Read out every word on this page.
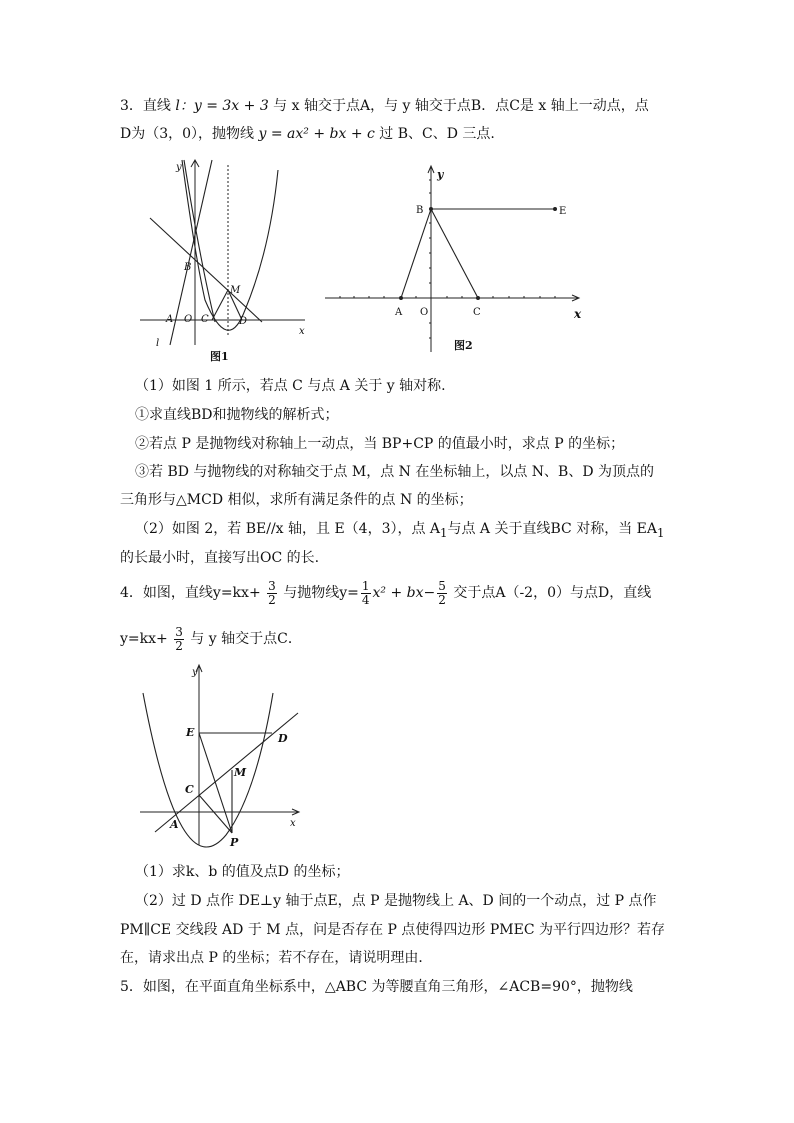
3．直线 l：y = 3x + 3 与 x 轴交于点A，与 y 轴交于点B．点C是 x 轴上一动点，点
D为（3，0），抛物线 y = ax² + bx + c 过 B、C、D 三点.
y
x
B
M
A O C	D
l
图1
y
x
B	E
A O	C
图2
（1）如图 1 所示，若点 C 与点 A 关于 y 轴对称.
①求直线BD和抛物线的解析式；
②若点 P 是抛物线对称轴上一动点，当 BP+CP 的值最小时，求点 P 的坐标；
③若 BD 与抛物线的对称轴交于点 M，点 N 在坐标轴上，以点 N、B、D 为顶点的
三角形与△MCD 相似，求所有满足条件的点 N 的坐标；
（2）如图 2，若 BE//x 轴，且 E（4，3），点 $A_1$与点 A 关于直线BC 对称，当 $EA_1$
的长最小时，直接写出OC 的长.
4．如图，直线$y=kx+ \frac{3}{2}$ 与抛物线$y= \frac{1}{4} x^2 + bx- \frac{5}{2}$ 交于点A（-2，0）与点D，直线
$y=kx+ \frac{3}{2}$ 与 y 轴交于点C．
y
x
E	D
M
C
A
P
（1）求k、b 的值及点D 的坐标；
（2）过 D 点作 DE⊥y 轴于点E，点 P 是抛物线上 A、D 间的一个动点，过 P 点作
PM∥CE 交线段 AD 于 M 点，问是否存在 P 点使得四边形 PMEC 为平行四边形？若存
在，请求出点 P 的坐标；若不存在，请说明理由．
5．如图，在平面直角坐标系中，△ABC 为等腰直角三角形，∠ACB=90°，抛物线
